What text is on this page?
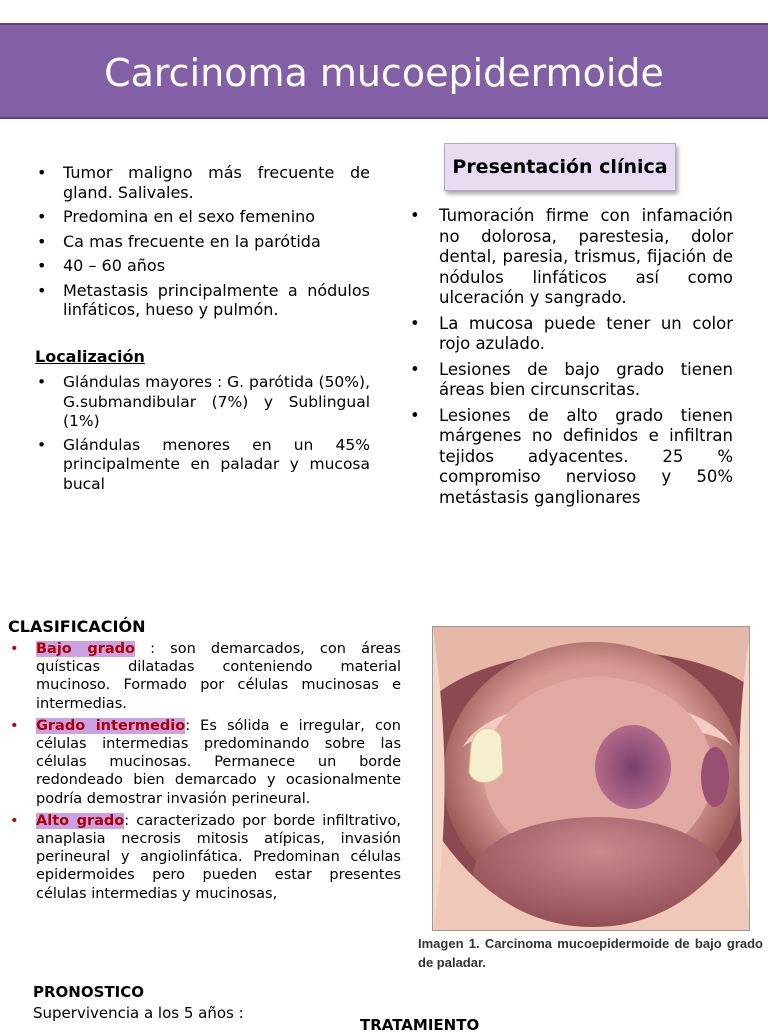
Carcinoma mucoepidermoide
• Tumor maligno más frecuente de gland. Salivales.
• Predomina en el sexo femenino
• Ca mas frecuente en la parótida
• 40 – 60 años
• Metastasis principalmente a nódulos linfáticos, hueso y pulmón.
Localización
• Glándulas mayores : G. parótida (50%), G.submandibular (7%) y Sublingual (1%)
• Glándulas menores en un 45% principalmente en paladar y mucosa bucal
Presentación clínica
• Tumoración firme con infamación no dolorosa, parestesia, dolor dental, paresia, trismus, fijación de nódulos linfáticos así como ulceración y sangrado.
• La mucosa puede tener un color rojo azulado.
• Lesiones de bajo grado tienen áreas bien circunscritas.
• Lesiones de alto grado tienen márgenes no definidos e infiltran tejidos adyacentes. 25 % compromiso nervioso y 50% metástasis ganglionares
CLASIFICACIÓN
• Bajo grado : son demarcados, con áreas quísticas dilatadas conteniendo material mucinoso. Formado por células mucinosas e intermedias.
• Grado intermedio: Es sólida e irregular, con células intermedias predominando sobre las células mucinosas. Permanece un borde redondeado bien demarcado y ocasionalmente podría demostrar invasión perineural.
• Alto grado: caracterizado por borde infiltrativo, anaplasia necrosis mitosis atípicas, invasión perineural y angiolinfática. Predominan células epidermoides pero pueden estar presentes células intermedias y mucinosas,
Imagen 1. Carcinoma mucoepidermoide de bajo grado de paladar.
PRONOSTICO
Supervivencia a los 5 años :
TRATAMIENTO
